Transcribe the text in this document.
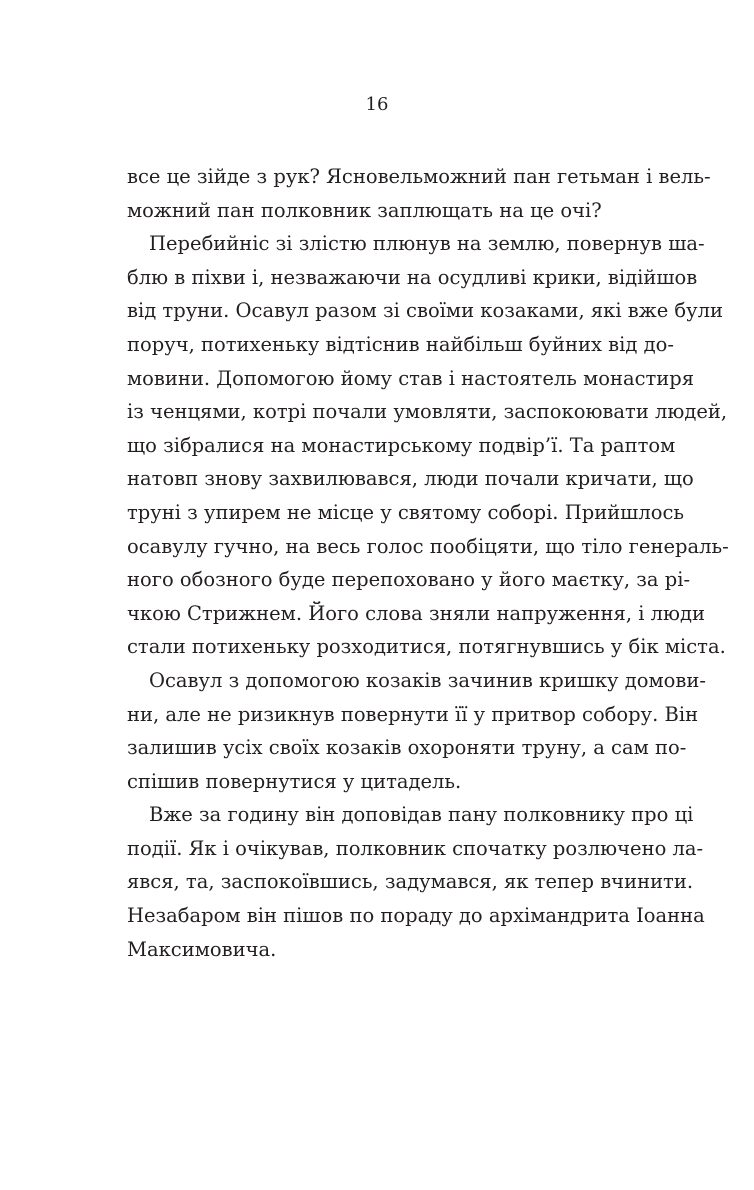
16
все це зійде з рук? Ясновельможний пан гетьман і вель-
можний пан полковник заплющать на це очі?
Перебийніс зі злістю плюнув на землю, повернув ша-
блю в піхви і, незважаючи на осудливі крики, відійшов
від труни. Осавул разом зі своїми козаками, які вже були
поруч, потихеньку відтіснив найбільш буйних від до-
мовини. Допомогою йому став і настоятель монастиря
із ченцями, котрі почали умовляти, заспокоювати людей,
що зібралися на монастирському подвір’ї. Та раптом
натовп знову захвилювався, люди почали кричати, що
труні з упирем не місце у святому соборі. Прийшлось
осавулу гучно, на весь голос пообіцяти, що тіло генераль-
ного обозного буде перепоховано у його маєтку, за рі-
чкою Стрижнем. Його слова зняли напруження, і люди
стали потихеньку розходитися, потягнувшись у бік міста.
Осавул з допомогою козаків зачинив кришку домови-
ни, але не ризикнув повернути її у притвор собору. Він
залишив усіх своїх козаків охороняти труну, а сам по-
спішив повернутися у цитадель.
Вже за годину він доповідав пану полковнику про ці
події. Як і очікував, полковник спочатку розлючено ла-
явся, та, заспокоївшись, задумався, як тепер вчинити.
Незабаром він пішов по пораду до архімандрита Іоанна
Максимовича.
